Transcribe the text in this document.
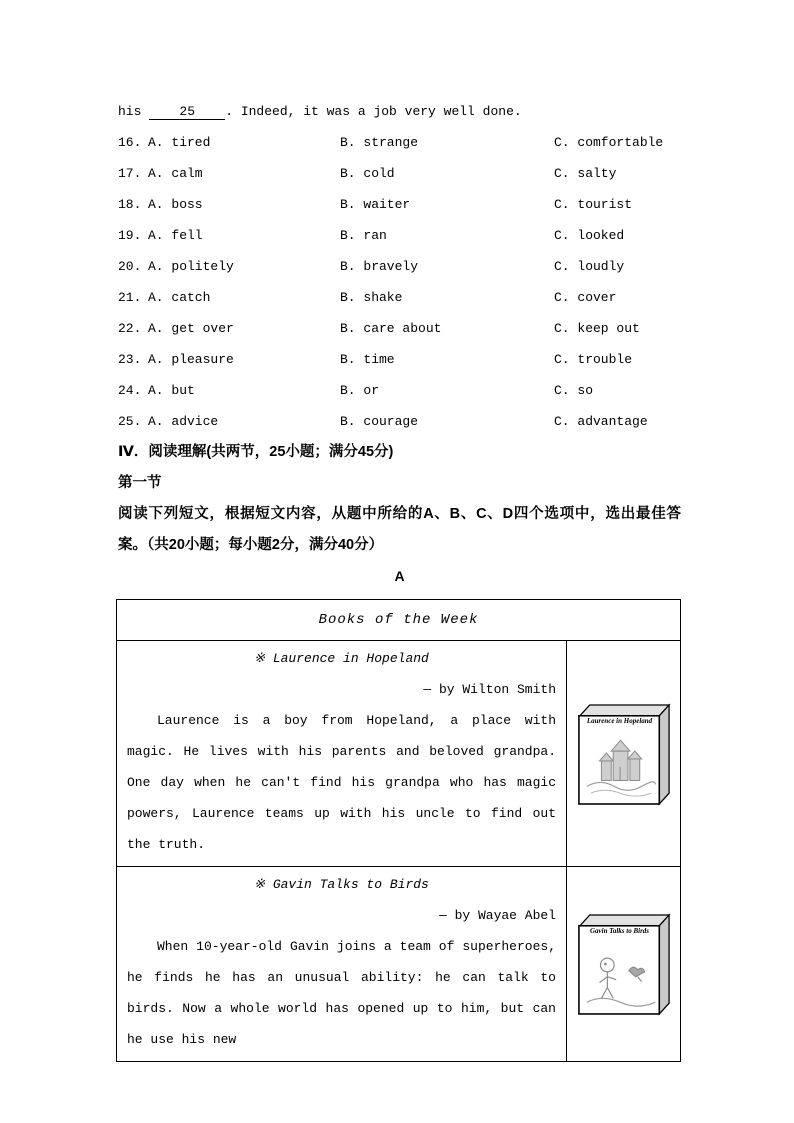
his	25 . Indeed, it was a job very well done.
16. A. tired	B. strange	C. comfortable
17. A. calm	B. cold	C. salty
18. A. boss	B. waiter	C. tourist
19. A. fell	B. ran	C. looked
20. A. politely	B. bravely	C. loudly
21. A. catch	B. shake	C. cover
22. A. get over	B. care about	C. keep out
23. A. pleasure	B. time	C. trouble
24. A. but	B. or	C. so
25. A. advice	B. courage	C. advantage
Ⅳ．阅读理解(共两节，25小题；满分45分)
第一节
阅读下列短文，根据短文内容，从题中所给的A、B、C、D四个选项中，选出最佳答案。（共20小题；每小题2分，满分40分）
A
Books of the Week
※ Laurence in Hopeland
— by Wilton Smith
Laurence is a boy from Hopeland, a place with magic. He lives with his parents and beloved grandpa. One day when he can't find his grandpa who has magic powers, Laurence teams up with his uncle to find out the truth.
Laurence in Hopeland
※ Gavin Talks to Birds
— by Wayae Abel
When 10-year-old Gavin joins a team of superheroes, he finds he has an unusual ability: he can talk to birds. Now a whole world has opened up to him, but can he use his new
Gavin Talks to Birds
